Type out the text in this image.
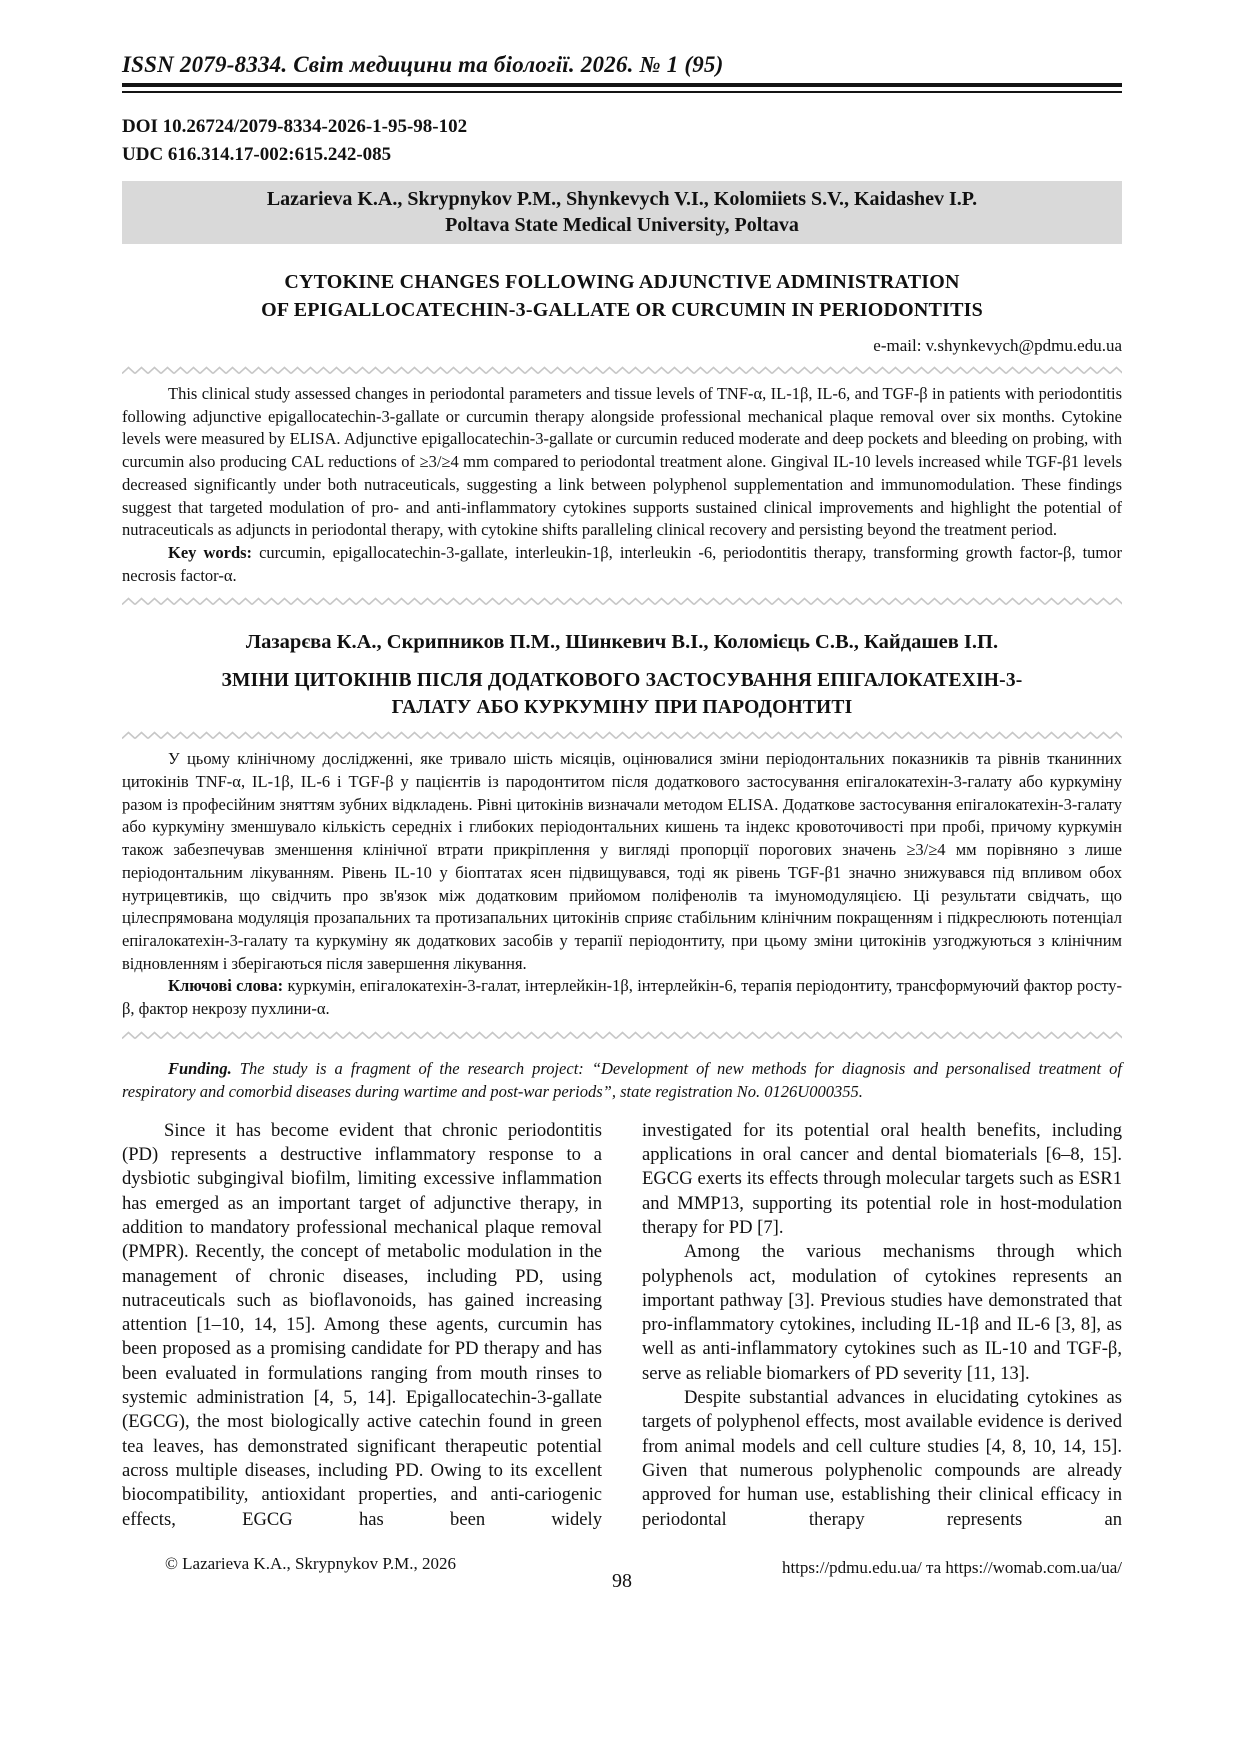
ISSN 2079-8334. Світ медицини та біології. 2026. № 1 (95)
DOI 10.26724/2079-8334-2026-1-95-98-102
UDC 616.314.17-002:615.242-085
Lazarieva K.A., Skrypnykov P.M., Shynkevych V.I., Kolomiiets S.V., Kaidashev I.P.
Poltava State Medical University, Poltava
CYTOKINE CHANGES FOLLOWING ADJUNCTIVE ADMINISTRATION
OF EPIGALLOCATECHIN-3-GALLATE OR CURCUMIN IN PERIODONTITIS
e-mail: v.shynkevych@pdmu.edu.ua

This clinical study assessed changes in periodontal parameters and tissue levels of TNF-α, IL-1β, IL-6, and TGF-β in patients with periodontitis following adjunctive epigallocatechin-3-gallate or curcumin therapy alongside professional mechanical plaque removal over six months. Cytokine levels were measured by ELISA. Adjunctive epigallocatechin-3-gallate or curcumin reduced moderate and deep pockets and bleeding on probing, with curcumin also producing CAL reductions of ≥3/≥4 mm compared to periodontal treatment alone. Gingival IL-10 levels increased while TGF-β1 levels decreased significantly under both nutraceuticals, suggesting a link between polyphenol supplementation and immunomodulation. These findings suggest that targeted modulation of pro- and anti-inflammatory cytokines supports sustained clinical improvements and highlight the potential of nutraceuticals as adjuncts in periodontal therapy, with cytokine shifts paralleling clinical recovery and persisting beyond the treatment period.

Key words: curcumin, epigallocatechin-3-gallate, interleukin-1β, interleukin -6, periodontitis therapy, transforming growth factor-β, tumor necrosis factor-α.

Лазарєва К.А., Скрипников П.М., Шинкевич В.І., Коломієць С.В., Кайдашев І.П.
ЗМІНИ ЦИТОКІНІВ ПІСЛЯ ДОДАТКОВОГО ЗАСТОСУВАННЯ ЕПІГАЛОКАТЕХІН-3-
ГАЛАТУ АБО КУРКУМІНУ ПРИ ПАРОДОНТИТІ

У цьому клінічному дослідженні, яке тривало шість місяців, оцінювалися зміни періодонтальних показників та рівнів тканинних цитокінів TNF-α, IL-1β, IL-6 і TGF-β у пацієнтів із пародонтитом після додаткового застосування епігалокатехін-3-галату або куркуміну разом із професійним зняттям зубних відкладень. Рівні цитокінів визначали методом ELISA. Додаткове застосування епігалокатехін-3-галату або куркуміну зменшувало кількість середніх і глибоких періодонтальних кишень та індекс кровоточивості при пробі, причому куркумін також забезпечував зменшення клінічної втрати прикріплення у вигляді пропорції порогових значень ≥3/≥4 мм порівняно з лише періодонтальним лікуванням. Рівень IL-10 у біоптатах ясен підвищувався, тоді як рівень TGF-β1 значно знижувався під впливом обох нутрицевтиків, що свідчить про зв'язок між додатковим прийомом поліфенолів та імуномодуляцією. Ці результати свідчать, що цілеспрямована модуляція прозапальних та протизапальних цитокінів сприяє стабільним клінічним покращенням і підкреслюють потенціал епігалокатехін-3-галату та куркуміну як додаткових засобів у терапії періодонтиту, при цьому зміни цитокінів узгоджуються з клінічним відновленням і зберігаються після завершення лікування.

Ключові слова: куркумін, епігалокатехін-3-галат, інтерлейкін-1β, інтерлейкін-6, терапія періодонтиту, трансформуючий фактор росту-β, фактор некрозу пухлини-α.

Funding. The study is a fragment of the research project: “Development of new methods for diagnosis and personalised treatment of respiratory and comorbid diseases during wartime and post-war periods”, state registration No. 0126U000355.

Since it has become evident that chronic periodontitis (PD) represents a destructive inflammatory response to a dysbiotic subgingival biofilm, limiting excessive inflammation has emerged as an important target of adjunctive therapy, in addition to mandatory professional mechanical plaque removal (PMPR). Recently, the concept of metabolic modulation in the management of chronic diseases, including PD, using nutraceuticals such as bioflavonoids, has gained increasing attention [1–10, 14, 15]. Among these agents, curcumin has been proposed as a promising candidate for PD therapy and has been evaluated in formulations ranging from mouth rinses to systemic administration [4, 5, 14]. Epigallocatechin-3-gallate (EGCG), the most biologically active catechin found in green tea leaves, has demonstrated significant therapeutic potential across multiple diseases, including PD. Owing to its excellent biocompatibility, antioxidant properties, and anti-cariogenic effects, EGCG has been widely

investigated for its potential oral health benefits, including applications in oral cancer and dental biomaterials [6–8, 15]. EGCG exerts its effects through molecular targets such as ESR1 and MMP13, supporting its potential role in host-modulation therapy for PD [7].

Among the various mechanisms through which polyphenols act, modulation of cytokines represents an important pathway [3]. Previous studies have demonstrated that pro-inflammatory cytokines, including IL-1β and IL-6 [3, 8], as well as anti-inflammatory cytokines such as IL-10 and TGF-β, serve as reliable biomarkers of PD severity [11, 13].

Despite substantial advances in elucidating cytokines as targets of polyphenol effects, most available evidence is derived from animal models and cell culture studies [4, 8, 10, 14, 15]. Given that numerous polyphenolic compounds are already approved for human use, establishing their clinical efficacy in periodontal therapy represents an

© Lazarieva K.A., Skrypnykov P.M., 2026	https://pdmu.edu.ua/ та https://womab.com.ua/ua/
98
